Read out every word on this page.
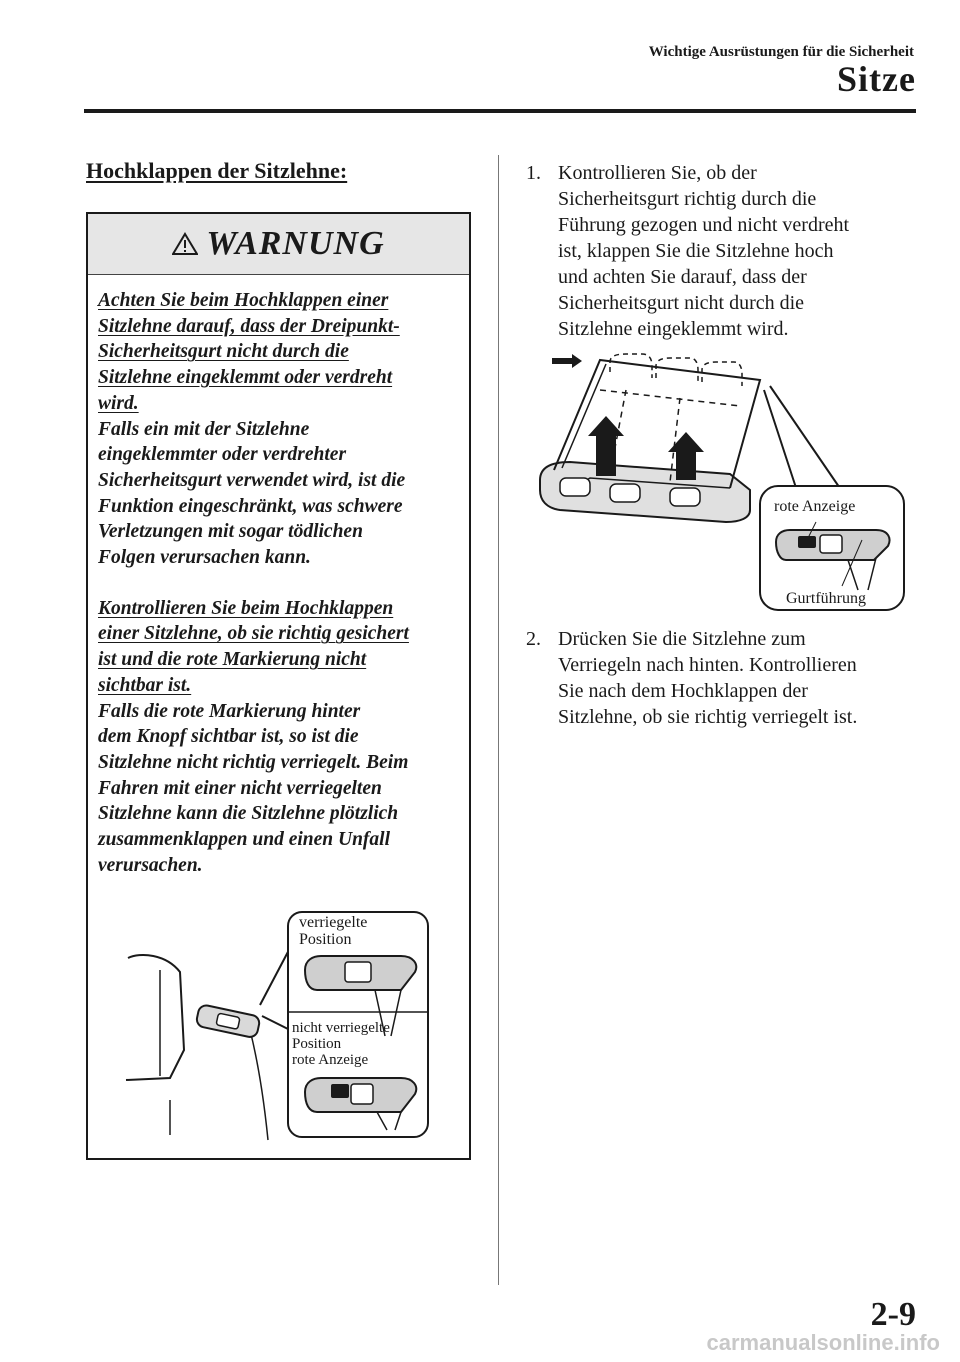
Wichtige Ausrüstungen für die Sicherheit
Sitze
Hochklappen der Sitzlehne:
WARNUNG

Achten Sie beim Hochklappen einer

Sitzlehne darauf, dass der Dreipunkt-

Sicherheitsgurt nicht durch die

Sitzlehne eingeklemmt oder verdreht

wird.

Falls ein mit der Sitzlehne

eingeklemmter oder verdrehter

Sicherheitsgurt verwendet wird, ist die

Funktion eingeschränkt, was schwere

Verletzungen mit sogar tödlichen

Folgen verursachen kann.

Kontrollieren Sie beim Hochklappen

einer Sitzlehne, ob sie richtig gesichert

ist und die rote Markierung nicht

sichtbar ist.

Falls die rote Markierung hinter

dem Knopf sichtbar ist, so ist die

Sitzlehne nicht richtig verriegelt. Beim

Fahren mit einer nicht verriegelten

Sitzlehne kann die Sitzlehne plötzlich

zusammenklappen und einen Unfall

verursachen.

verriegelte
Position
nicht verriegelte
Position
rote Anzeige
1. Kontrollieren Sie, ob der
Sicherheitsgurt richtig durch die
Führung gezogen und nicht verdreht
ist, klappen Sie die Sitzlehne hoch
und achten Sie darauf, dass der
Sicherheitsgurt nicht durch die
Sitzlehne eingeklemmt wird.
rote Anzeige
Gurtführung
2. Drücken Sie die Sitzlehne zum
Verriegeln nach hinten. Kontrollieren
Sie nach dem Hochklappen der
Sitzlehne, ob sie richtig verriegelt ist.
2-9
carmanualsonline.info
